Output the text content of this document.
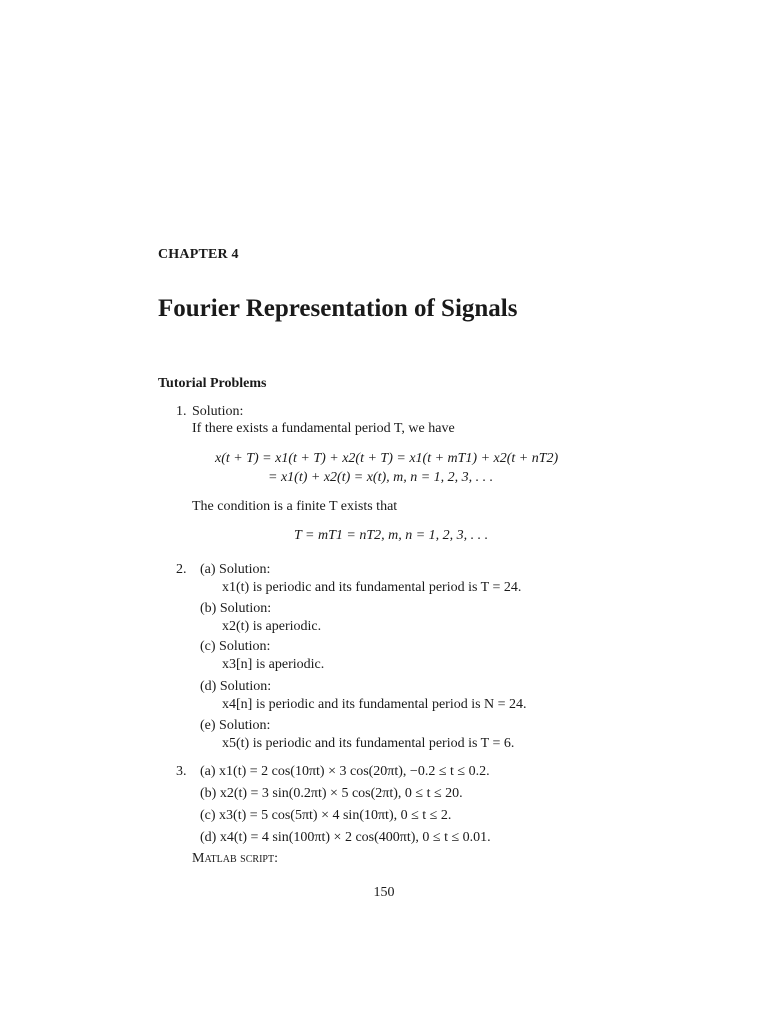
CHAPTER 4
Fourier Representation of Signals
Tutorial Problems
1. Solution:
If there exists a fundamental period T, we have
x(t + T) = x1(t + T) + x2(t + T) = x1(t + mT1) + x2(t + nT2)
= x1(t) + x2(t) = x(t), m, n = 1, 2, 3, . . .
The condition is a finite T exists that
T = mT1 = nT2, m, n = 1, 2, 3, . . .
2. (a) Solution:
x1(t) is periodic and its fundamental period is T = 24.
(b) Solution:
x2(t) is aperiodic.
(c) Solution:
x3[n] is aperiodic.
(d) Solution:
x4[n] is periodic and its fundamental period is N = 24.
(e) Solution:
x5(t) is periodic and its fundamental period is T = 6.
3. (a) x1(t) = 2 cos(10πt) × 3 cos(20πt), −0.2 ≤ t ≤ 0.2.
(b) x2(t) = 3 sin(0.2πt) × 5 cos(2πt), 0 ≤ t ≤ 20.
(c) x3(t) = 5 cos(5πt) × 4 sin(10πt), 0 ≤ t ≤ 2.
(d) x4(t) = 4 sin(100πt) × 2 cos(400πt), 0 ≤ t ≤ 0.01.
Matlab script:
150
